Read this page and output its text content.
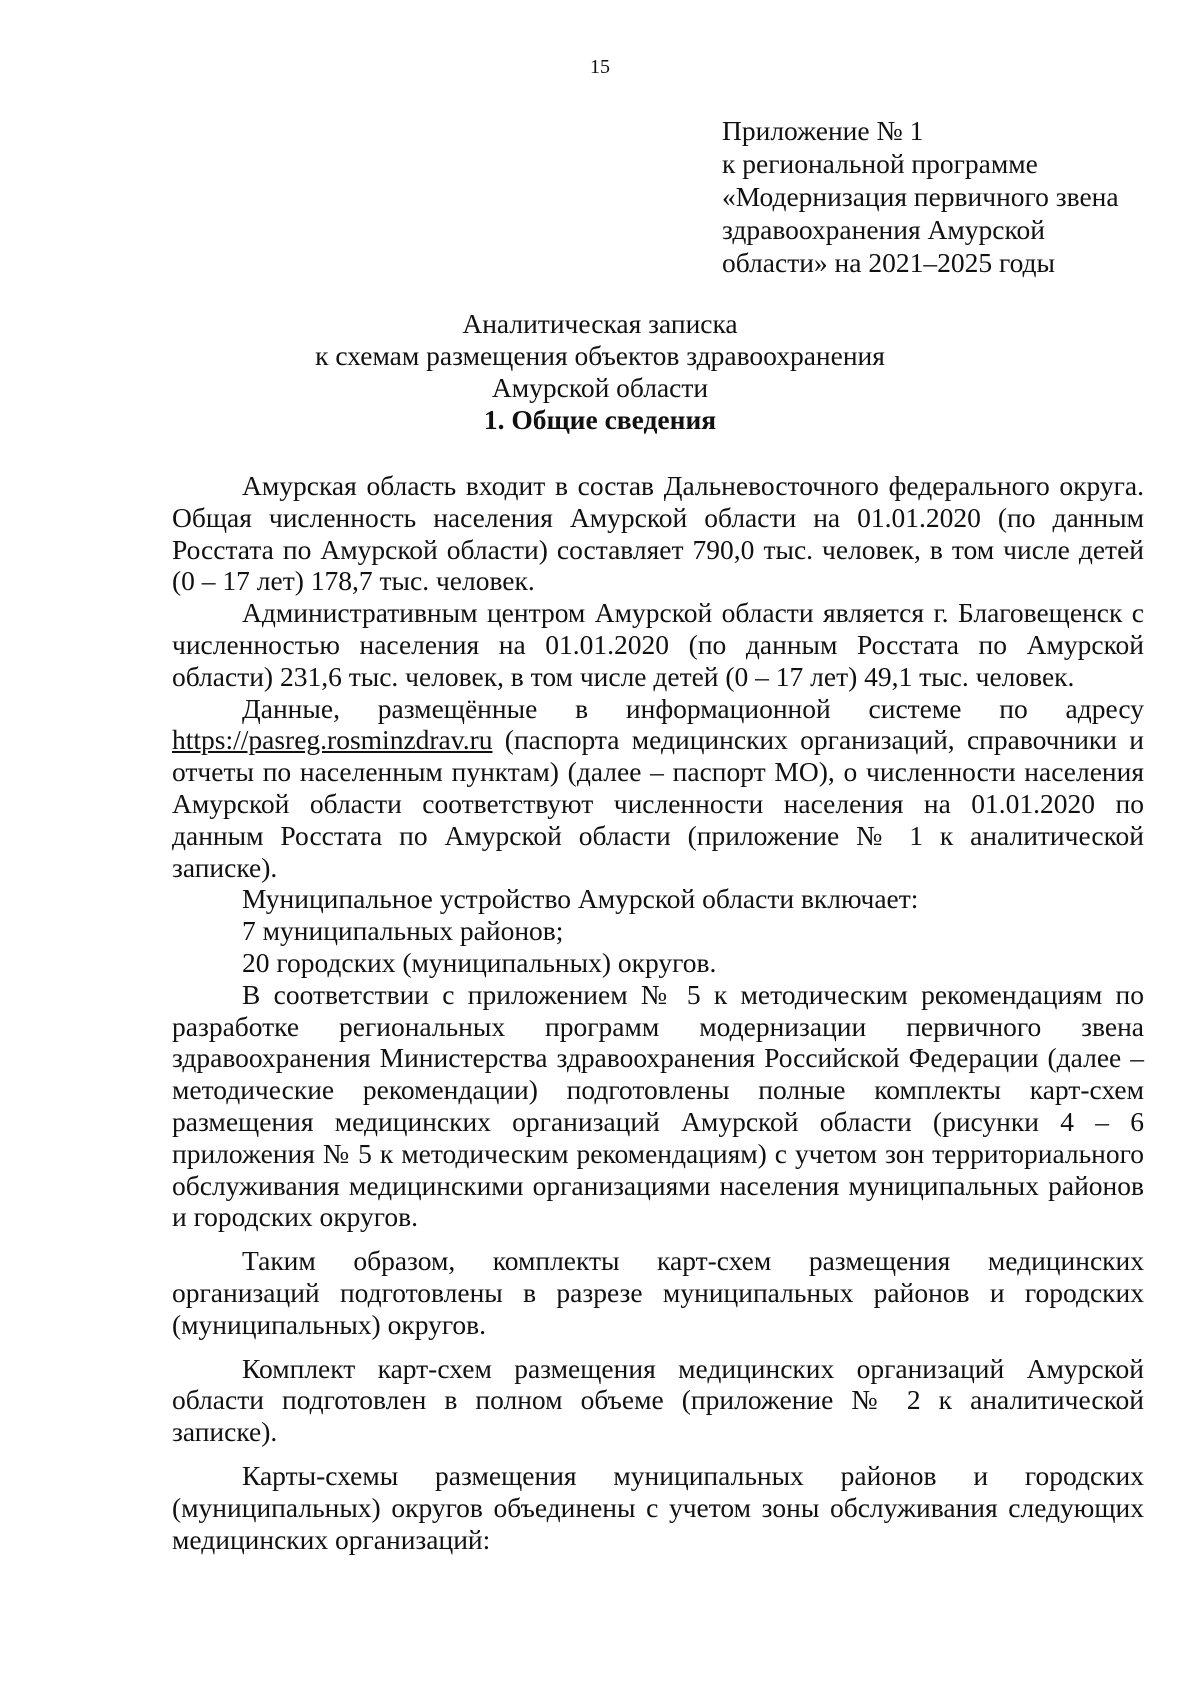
15
Приложение № 1
к региональной программе
«Модернизация первичного звена
здравоохранения Амурской
области» на 2021–2025 годы
Аналитическая записка
к схемам размещения объектов здравоохранения
Амурской области
1. Общие сведения

Амурская область входит в состав Дальневосточного федерального округа. Общая численность населения Амурской области на 01.01.2020 (по данным Росстата по Амурской области) составляет 790,0 тыс. человек, в том числе детей (0 – 17 лет) 178,7 тыс. человек.

Административным центром Амурской области является г. Благовещенск с численностью населения на 01.01.2020 (по данным Росстата по Амурской области) 231,6 тыс. человек, в том числе детей (0 – 17 лет) 49,1 тыс. человек.

Данные, размещённые в информационной системе по адресу https://pasreg.rosminzdrav.ru (паспорта медицинских организаций, справочники и отчеты по населенным пунктам) (далее – паспорт МО), о численности населения Амурской области соответствуют численности населения на 01.01.2020 по данным Росстата по Амурской области (приложение № 1 к аналитической записке).

Муниципальное устройство Амурской области включает:

7 муниципальных районов;

20 городских (муниципальных) округов.

В соответствии с приложением № 5 к методическим рекомендациям по разработке региональных программ модернизации первичного звена здравоохранения Министерства здравоохранения Российской Федерации (далее – методические рекомендации) подготовлены полные комплекты карт-схем размещения медицинских организаций Амурской области (рисунки 4 – 6 приложения № 5 к методическим рекомендациям) с учетом зон территориального обслуживания медицинскими организациями населения муниципальных районов и городских округов.

Таким образом, комплекты карт-схем размещения медицинских организаций подготовлены в разрезе муниципальных районов и городских (муниципальных) округов.

Комплект карт-схем размещения медицинских организаций Амурской области подготовлен в полном объеме (приложение № 2 к аналитической записке).

Карты-схемы размещения муниципальных районов и городских (муниципальных) округов объединены с учетом зоны обслуживания следующих медицинских организаций:
